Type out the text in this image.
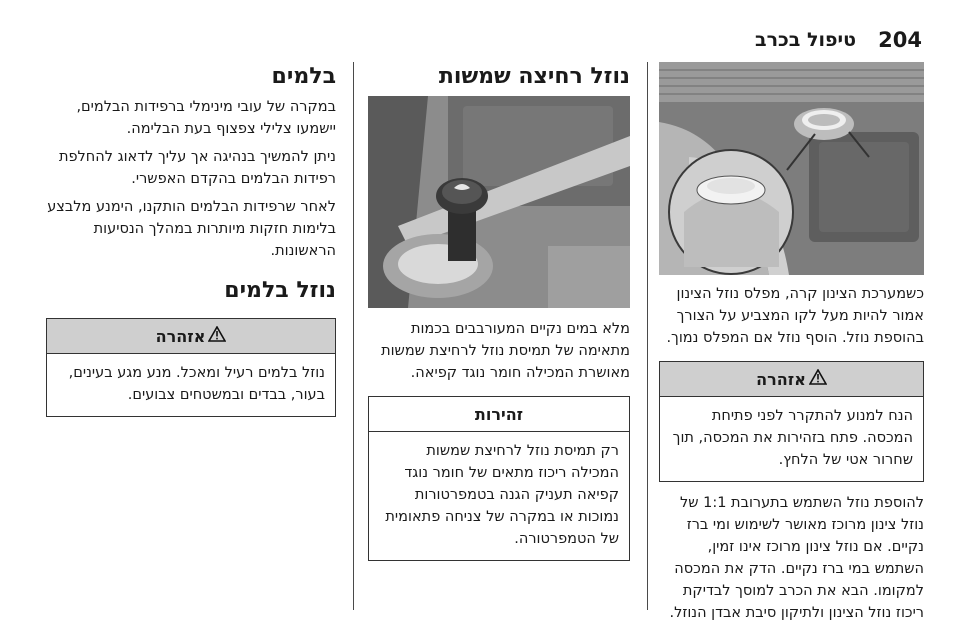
204
טיפול בכרב

כשמערכת הצינון קרה, מפלס נוזל הצינון אמור להיות מעל לקו המצביע על הצורך בהוספת נוזל. הוסף נוזל אם המפלס נמוך.

אזהרה
הנח למנוע להתקרר לפני פתיחת המכסה. פתח בזהירות את המכסה, תוך שחרור אטי של הלחץ.

להוספת נוזל השתמש בתערובת 1:1 של נוזל צינון מרוכז מאושר לשימוש ומי ברז נקיים. אם נוזל צינון מרוכז אינו זמין, השתמש במי ברז נקיים. הדק את המכסה למקומו. הבא את הכרב למוסך לבדיקת ריכוז נוזל הצינון ולתיקון סיבת אבדן הנוזל.

נוזל רחיצה שמשות

מלא במים נקיים המעורבבים בכמות מתאימה של תמיסת נוזל לרחיצת שמשות מאושרת המכילה חומר נוגד קפיאה.

זהירות
רק תמיסת נוזל לרחיצת שמשות המכילה ריכוז מתאים של חומר נוגד קפיאה תעניק הגנה בטמפרטורות נמוכות או במקרה של צניחה פתאומית של הטמפרטורה.
בלמים

במקרה של עובי מינימלי ברפידות הבלמים, יישמעו צלילי צפצוף בעת הבלימה.

ניתן להמשיך בנהיגה אך עליך לדאוג להחלפת רפידות הבלמים בהקדם האפשרי.

לאחר שרפידות הבלמים הותקנו, הימנע מלבצע בלימות חזקות מיותרות במהלך הנסיעות הראשונות.

נוזל בלמים
אזהרה
נוזל בלמים רעיל ומאכל. מנע מגע בעינים, בעור, בבדים ובמשטחים צבועים.
